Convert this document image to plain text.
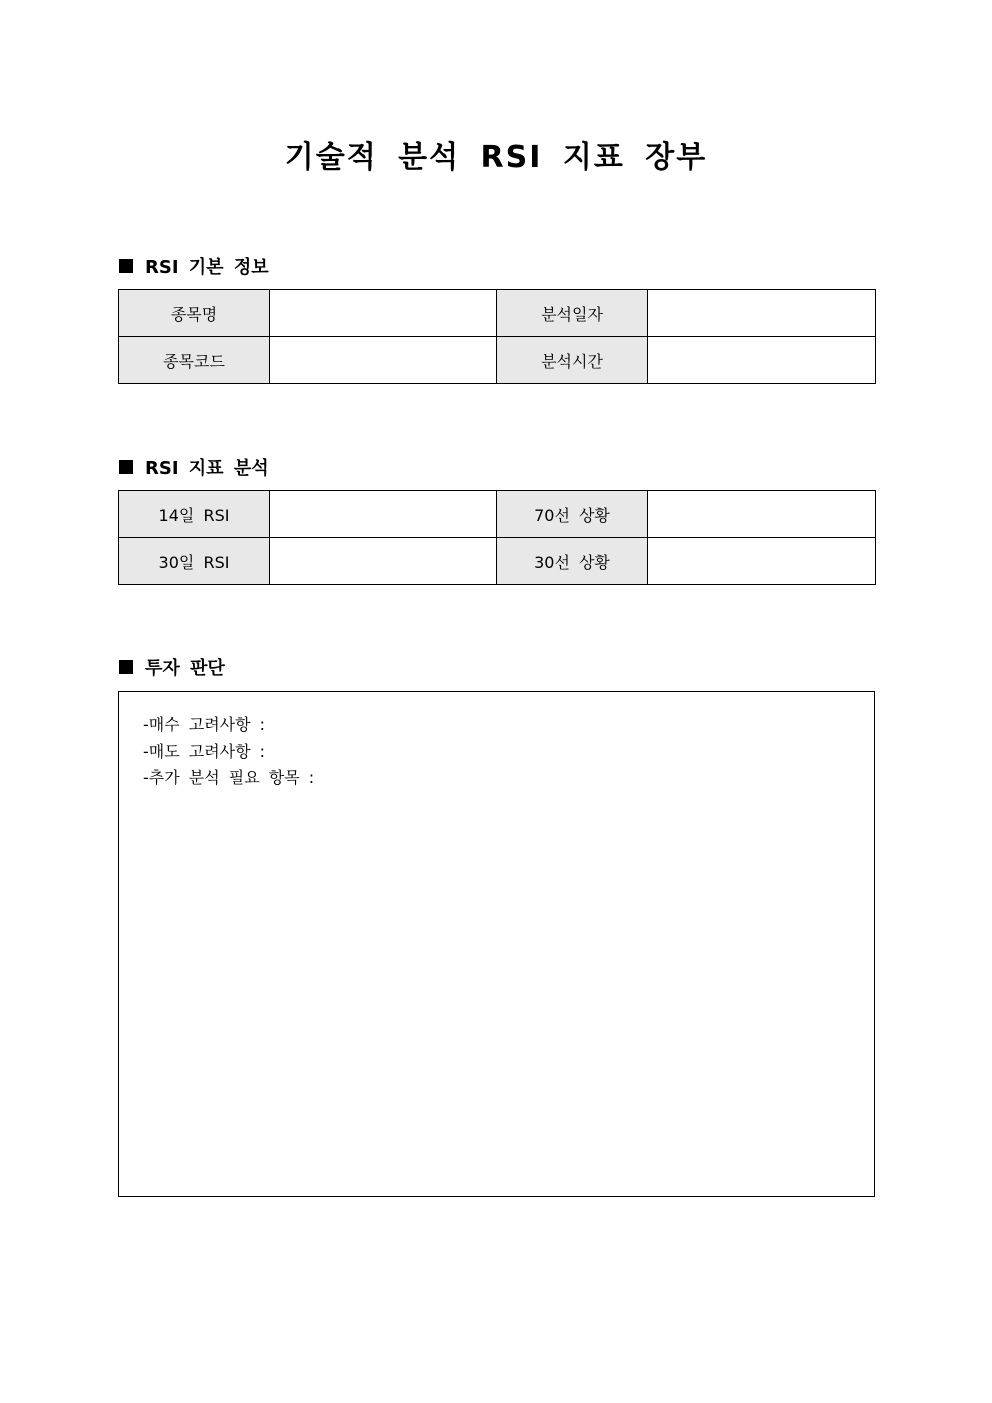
기술적 분석 RSI 지표 장부
RSI 기본 정보
종목명		분석일자	
종목코드		분석시간	
RSI 지표 분석
14일 RSI		70선 상황	
30일 RSI		30선 상황	
투자 판단
-매수 고려사항 :
-매도 고려사항 :
-추가 분석 필요 항목 :
